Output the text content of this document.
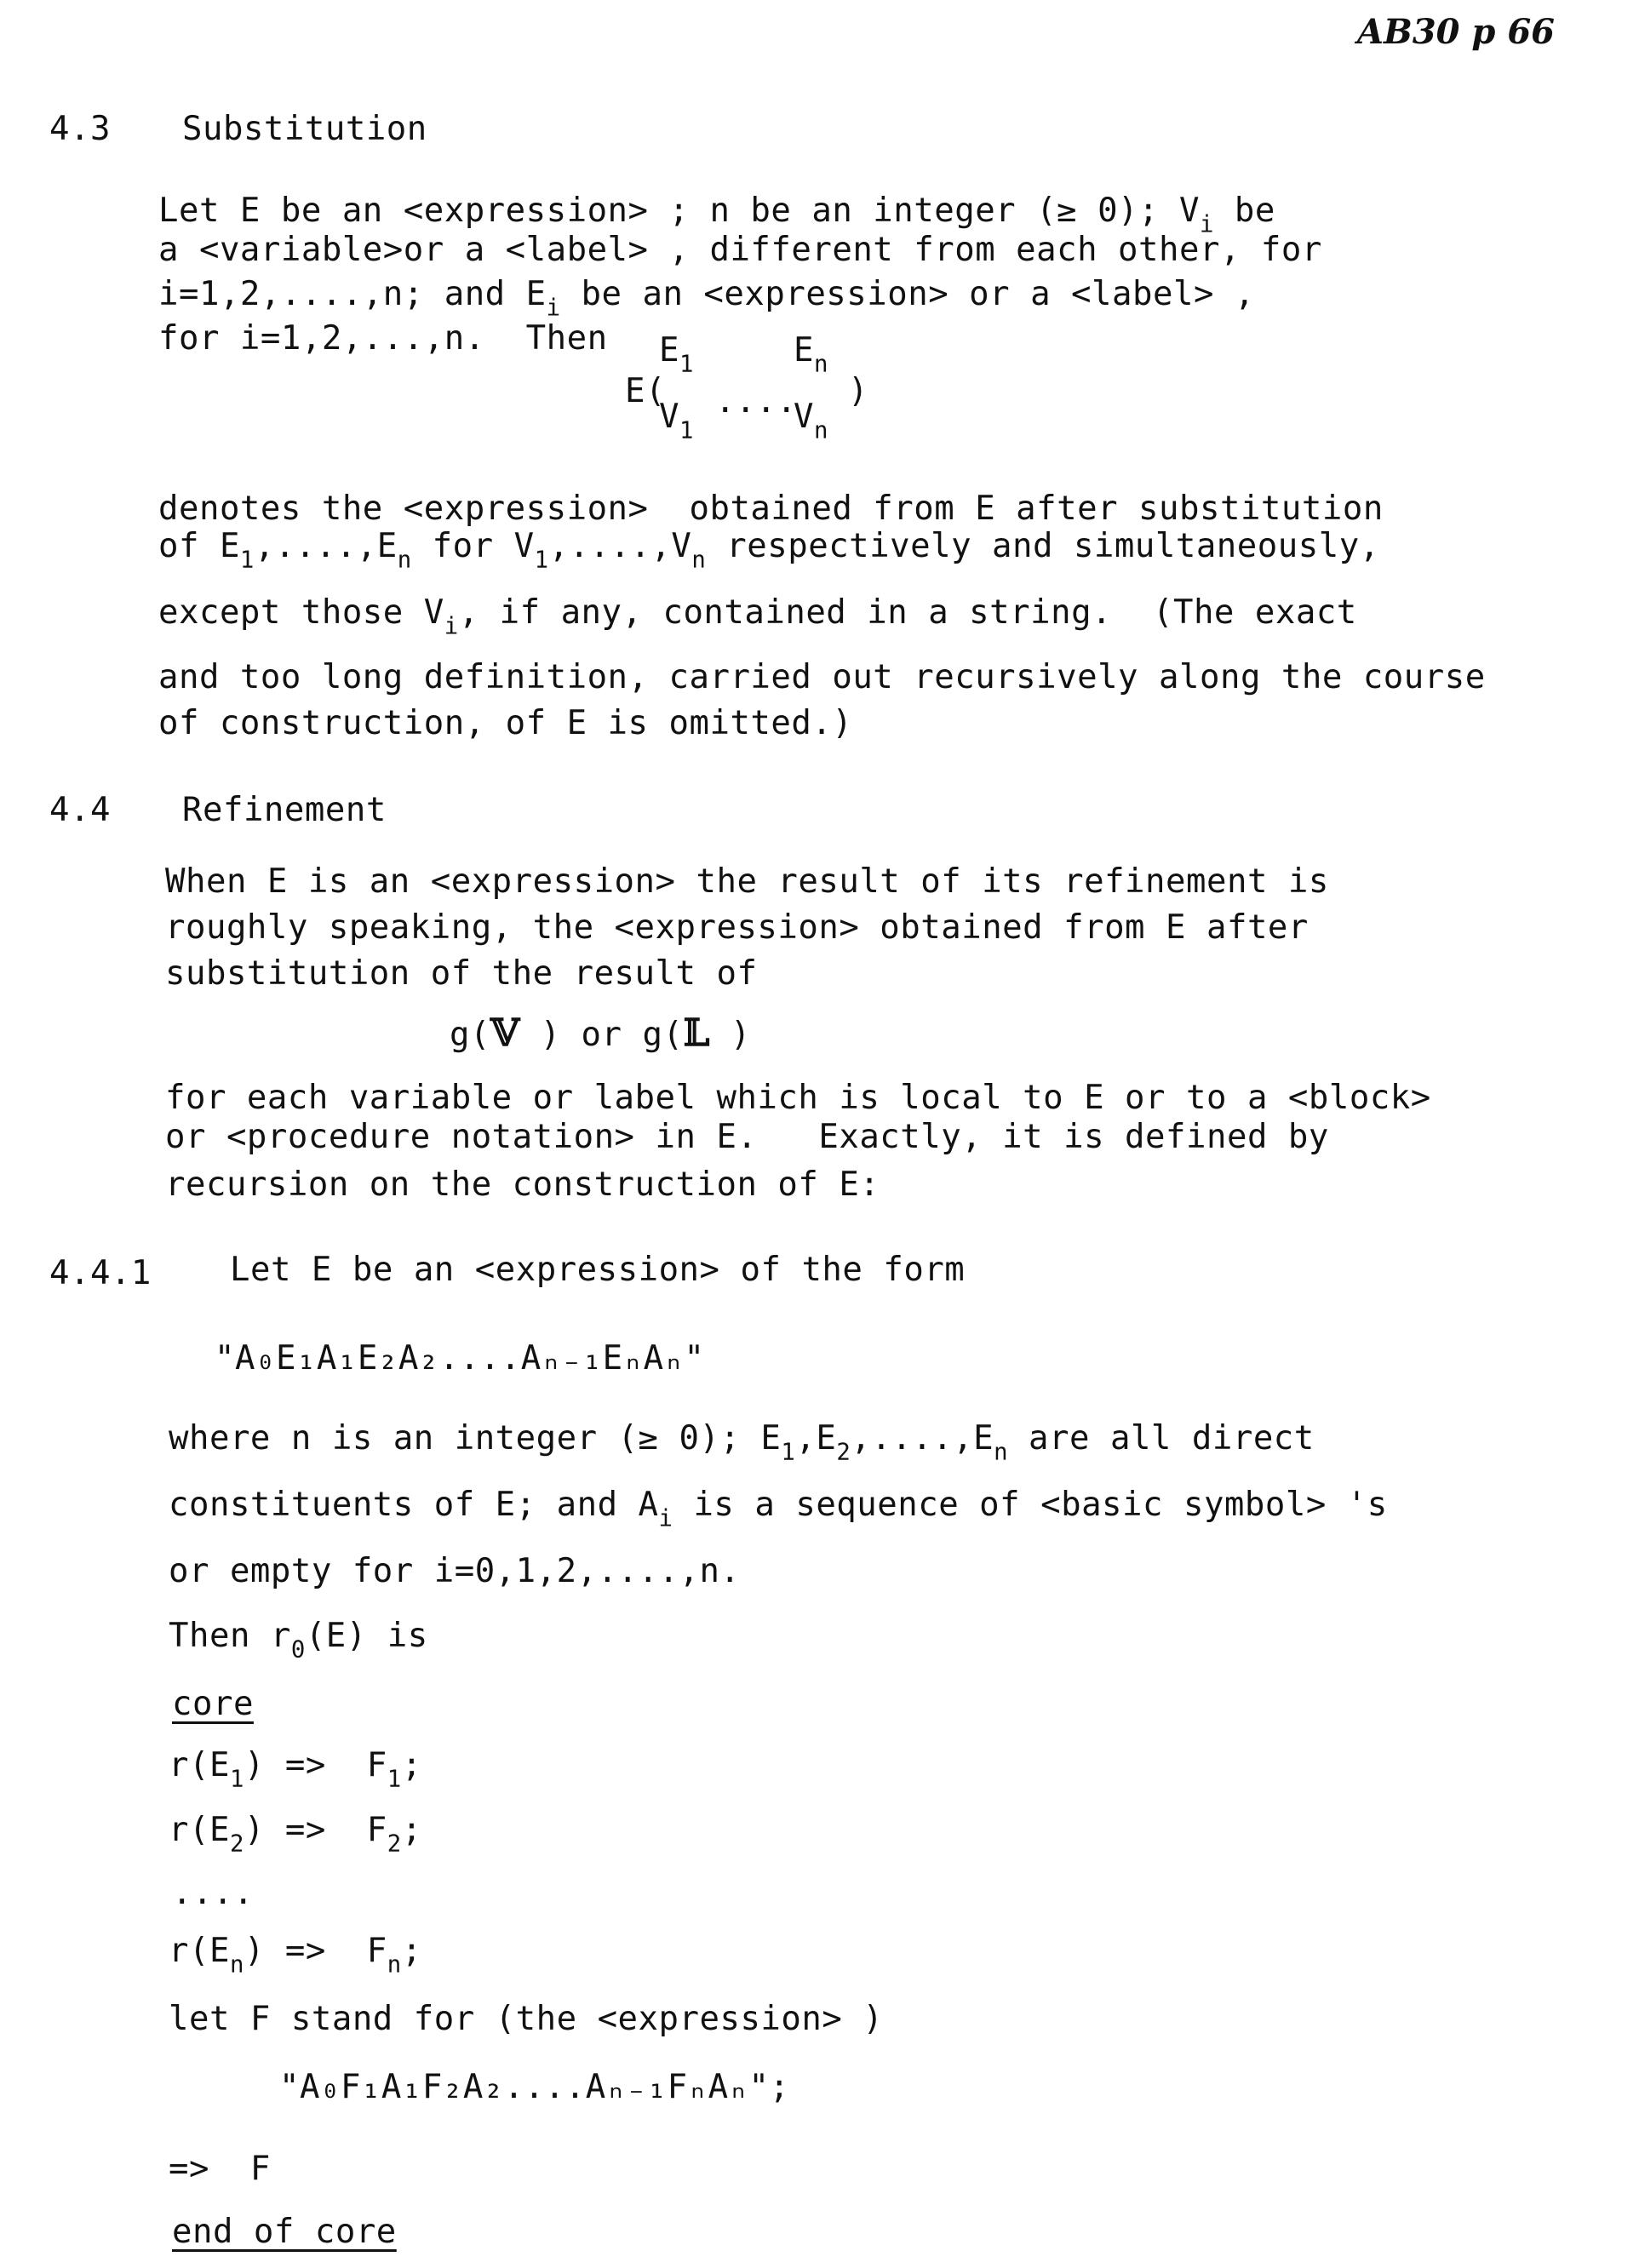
AB30 p 66
4.3 Substitution
Let E be an <expression> ; n be an integer (≥ 0); $V_i$ be
a <variable>or a <label> , different from each other, for
i=1,2,....,n; and $E_i$ be an <expression> or a <label> ,
for i=1,2,...,n.  Then $E_1$	$E_n$
E( .... )
$V_1$	$V_n$
denotes the <expression>  obtained from E after substitution
of $E_1,....,E_n$ for $V_1,....,V_n$ respectively and simultaneously,
except those $V_i$, if any, contained in a string.  (The exact
and too long definition, carried out recursively along the course
of construction, of E is omitted.)
4.4 Refinement
When E is an <expression> the result of its refinement is
roughly speaking, the <expression> obtained from E after
substitution of the result of
g(𝕍 ) or g(𝕃 )
for each variable or label which is local to E or to a <block>
or <procedure notation> in E.   Exactly, it is defined by
recursion on the construction of E:
4.4.1 Let E be an <expression> of the form
"A₀E₁A₁E₂A₂....Aₙ₋₁EₙAₙ"
where n is an integer (≥ 0); $E_1,E_2,....,E_n$ are all direct
constituents of E; and $A_i$ is a sequence of <basic symbol> 's
or empty for i=0,1,2,....,n.
Then $r_0(E)$ is
core
$r(E_1) => F_1$;
$r(E_2) => F_2$;
....
$r(E_n) => F_n$;
let F stand for (the <expression> )
"A₀F₁A₁F₂A₂....Aₙ₋₁FₙAₙ";
=>  F
end of core
